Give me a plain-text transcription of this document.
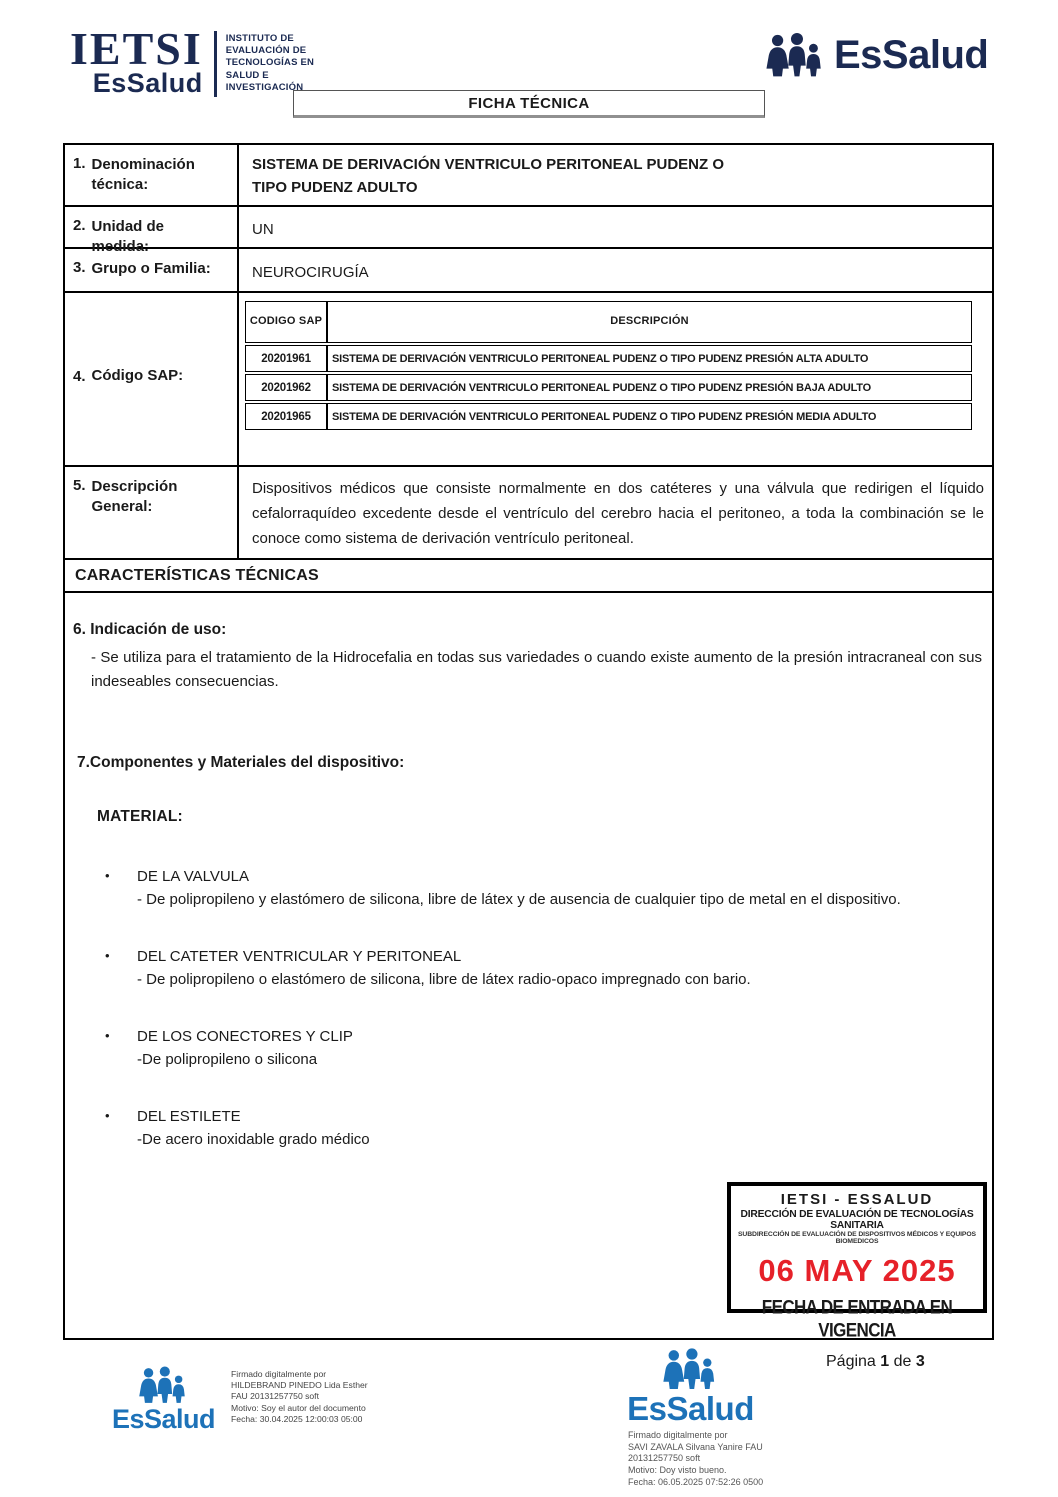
IETSI
EsSalud
INSTITUTO DE
EVALUACIÓN DE
TECNOLOGÍAS EN
SALUD E
INVESTIGACIÓN
FICHA TÉCNICA
EsSalud
1. Denominación técnica:
SISTEMA DE DERIVACIÓN VENTRICULO PERITONEAL PUDENZ O
TIPO PUDENZ ADULTO
2. Unidad de medida:
UN
3. Grupo o Familia:	NEUROCIRUGÍA
4. Código SAP:
CODIGO SAP	DESCRIPCIÓN
20201961	SISTEMA DE DERIVACIÓN VENTRICULO PERITONEAL PUDENZ O TIPO PUDENZ PRESIÓN ALTA ADULTO
20201962	SISTEMA DE DERIVACIÓN VENTRICULO PERITONEAL PUDENZ O TIPO PUDENZ PRESIÓN BAJA ADULTO
20201965	SISTEMA DE DERIVACIÓN VENTRICULO PERITONEAL PUDENZ O TIPO PUDENZ PRESIÓN MEDIA ADULTO
5. Descripción General:
Dispositivos médicos que consiste normalmente en dos catéteres y una válvula que redirigen el líquido cefalorraquídeo excedente desde el ventrículo del cerebro hacia el peritoneo, a toda la combinación se le conoce como sistema de derivación ventrículo peritoneal.
CARACTERÍSTICAS TÉCNICAS
6. Indicación de uso:
- Se utiliza para el tratamiento de la Hidrocefalia en todas sus variedades o cuando existe aumento de la presión intracraneal con sus indeseables consecuencias.
7.Componentes y Materiales del dispositivo:
MATERIAL:
•	DE LA VALVULA
- De polipropileno y elastómero de silicona, libre de látex y de ausencia de cualquier tipo de metal en el dispositivo.
•	DEL CATETER VENTRICULAR Y PERITONEAL
- De polipropileno o elastómero de silicona, libre de látex radio-opaco impregnado con bario.
•	DE LOS CONECTORES Y CLIP
-De polipropileno o silicona
•	DEL ESTILETE
-De acero inoxidable grado médico
IETSI - ESSALUD
DIRECCIÓN DE EVALUACIÓN DE TECNOLOGÍAS SANITARIA
SUBDIRECCIÓN DE EVALUACIÓN DE DISPOSITIVOS MÉDICOS Y EQUIPOS BIOMEDICOS
06 MAY 2025
FECHA DE ENTRADA EN VIGENCIA
EsSalud
Firmado digitalmente por
HILDEBRAND PINEDO Lida Esther
FAU 20131257750 soft
Motivo: Soy el autor del documento
Fecha: 30.04.2025 12:00:03 05:00	EsSalud
Firmado digitalmente por
SAVI ZAVALA Silvana Yanire FAU
20131257750 soft
Motivo: Doy visto bueno.
Fecha: 06.05.2025 07:52:26 0500
Página 1 de 3
